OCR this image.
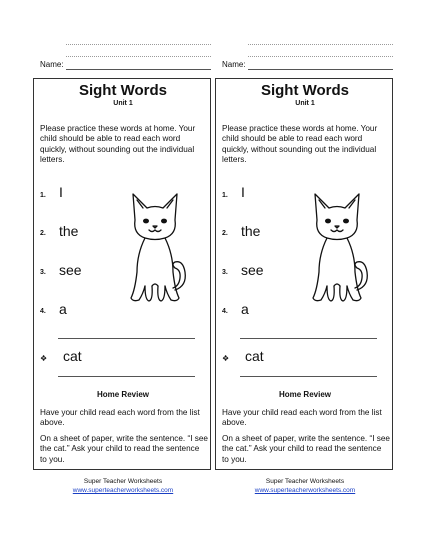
Name:
Sight Words
Unit 1
Please practice these words at home. Your child should be able to read each word quickly, without sounding out the individual letters.
1. I
2. the
3. see
4. a
❖ cat
Home Review
Have your child read each word from the list above.
On a sheet of paper, write the sentence. “I see the cat.” Ask your child to read the sentence to you.
Super Teacher Worksheets
www.superteacherworksheets.com
Name:
Sight Words
Unit 1
Please practice these words at home. Your child should be able to read each word quickly, without sounding out the individual letters.
1. I
2. the
3. see
4. a
❖ cat
Home Review
Have your child read each word from the list above.
On a sheet of paper, write the sentence. “I see the cat.” Ask your child to read the sentence to you.
Super Teacher Worksheets
www.superteacherworksheets.com
